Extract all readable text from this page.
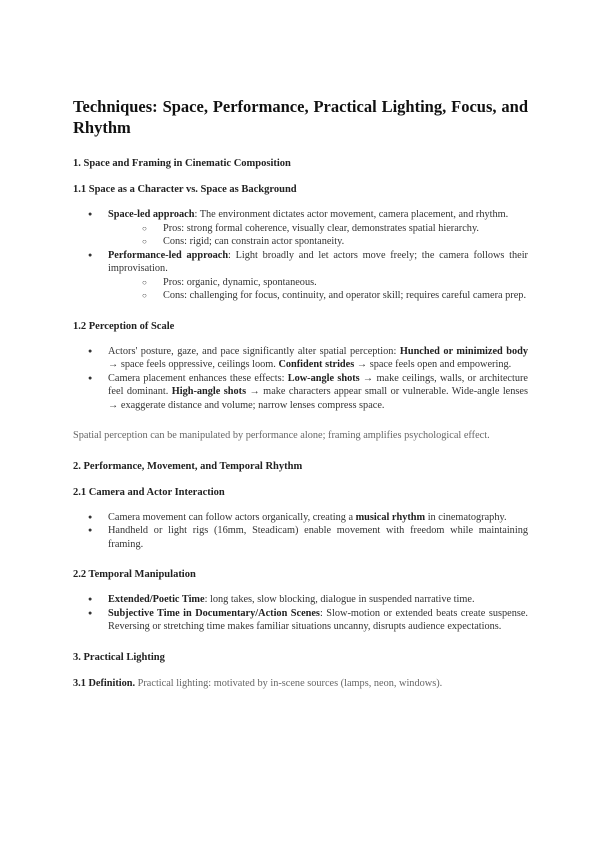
Techniques: Space, Performance, Practical Lighting, Focus, and Rhythm
1. Space and Framing in Cinematic Composition
1.1 Space as a Character vs. Space as Background
● Space-led approach: The environment dictates actor movement, camera placement, and rhythm.
○ Pros: strong formal coherence, visually clear, demonstrates spatial hierarchy.
○ Cons: rigid; can constrain actor spontaneity.
● Performance-led approach: Light broadly and let actors move freely; the camera follows their improvisation.
○ Pros: organic, dynamic, spontaneous.
○ Cons: challenging for focus, continuity, and operator skill; requires careful camera prep.
1.2 Perception of Scale
● Actors' posture, gaze, and pace significantly alter spatial perception: Hunched or minimized body → space feels oppressive, ceilings loom. Confident strides → space feels open and empowering.
● Camera placement enhances these effects: Low-angle shots → make ceilings, walls, or architecture feel dominant. High-angle shots → make characters appear small or vulnerable. Wide-angle lenses → exaggerate distance and volume; narrow lenses compress space.

Spatial perception can be manipulated by performance alone; framing amplifies psychological effect.

2. Performance, Movement, and Temporal Rhythm
2.1 Camera and Actor Interaction
● Camera movement can follow actors organically, creating a musical rhythm in cinematography.
● Handheld or light rigs (16mm, Steadicam) enable movement with freedom while maintaining framing.
2.2 Temporal Manipulation
● Extended/Poetic Time: long takes, slow blocking, dialogue in suspended narrative time.
● Subjective Time in Documentary/Action Scenes: Slow-motion or extended beats create suspense. Reversing or stretching time makes familiar situations uncanny, disrupts audience expectations.
3. Practical Lighting

3.1 Definition. Practical lighting: motivated by in-scene sources (lamps, neon, windows).
